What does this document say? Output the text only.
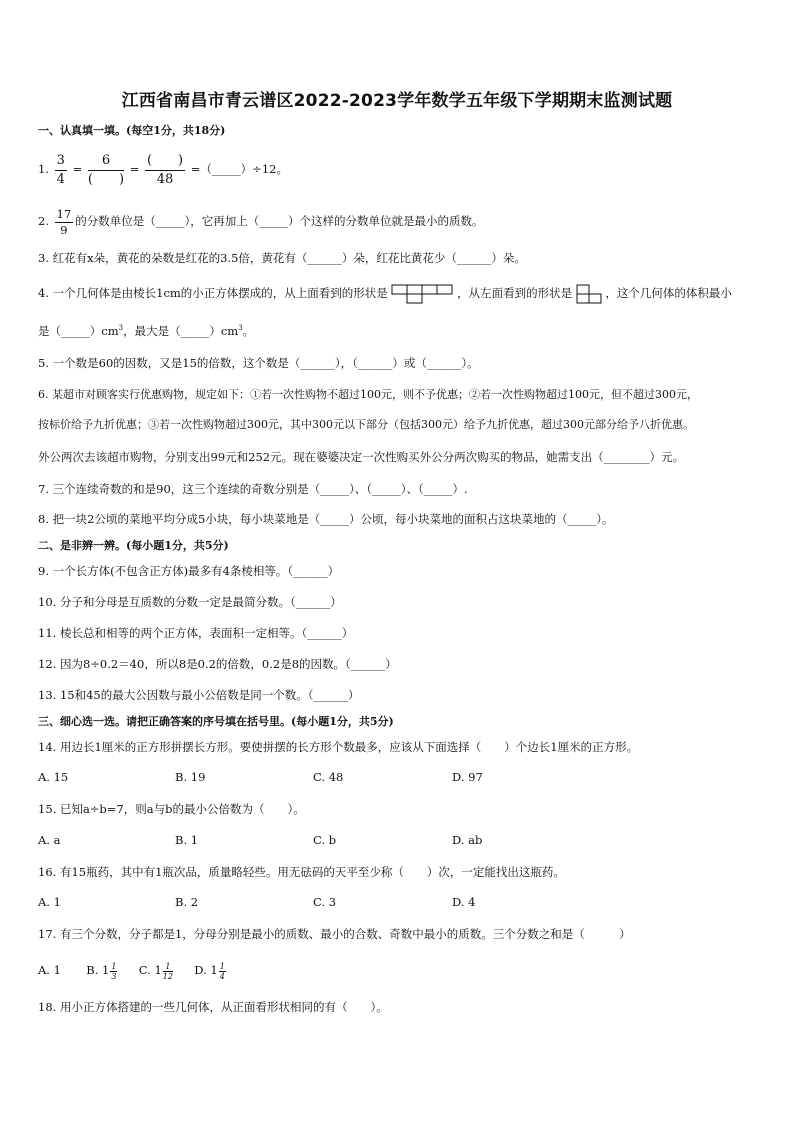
江西省南昌市青云谱区2022-2023学年数学五年级下学期期末监测试题
一、认真填一填。(每空1分，共18分)
1. $\frac{3}{4} = \frac{6}{( )} = \frac{( )}{48}$ =（_____）÷12。
2. $\frac{17}{9}$ 的分数单位是（_____），它再加上（_____）个这样的分数单位就是最小的质数。
3. 红花有x朵，黄花的朵数是红花的3.5倍，黄花有（______）朵，红花比黄花少（______）朵。
4. 一个几何体是由棱长1cm的小正方体摆成的，从上面看到的形状是	，从左面看到的形状是	，这个几何体的体积最小
是$(\_\_\_\_\_)cm^3$，最大是$(\_\_\_\_\_)cm^3$。
5. 一个数是60的因数，又是15的倍数，这个数是（______），（______）或（______）。
6. 某超市对顾客实行优惠购物，规定如下：①若一次性购物不超过100元，则不予优惠；②若一次性购物超过100元，但不超过300元，
按标价给予九折优惠；③若一次性购物超过300元，其中300元以下部分（包括300元）给予九折优惠，超过300元部分给予八折优惠。
外公两次去该超市购物，分别支出99元和252元。现在婆婆决定一次性购买外公分两次购买的物品，她需支出（________）元。
7. 三个连续奇数的和是90，这三个连续的奇数分别是（_____）、（_____）、（_____）.
8. 把一块2公顷的菜地平均分成5小块，每小块菜地是（_____）公顷，每小块菜地的面积占这块菜地的（_____）。
二、是非辨一辨。(每小题1分，共5分)
9. 一个长方体(不包含正方体)最多有4条棱相等。（______）
10. 分子和分母是互质数的分数一定是最简分数。（______）
11. 棱长总和相等的两个正方体，表面积一定相等。（______）
12. 因为8÷0.2＝40，所以8是0.2的倍数，0.2是8的因数。（______）
13. 15和45的最大公因数与最小公倍数是同一个数。（______）
三、细心选一选。请把正确答案的序号填在括号里。(每小题1分，共5分)
14. 用边长1厘米的正方形拼摆长方形。要使拼摆的长方形个数最多，应该从下面选择（　　）个边长1厘米的正方形。
A. 15	B. 19	C. 48	D. 97
15. 已知a÷b=7，则a与b的最小公倍数为（　　）。
A. a	B. 1	C. b	D. ab
16. 有15瓶药，其中有1瓶次品，质量略轻些。用无砝码的天平至少称（　　）次，一定能找出这瓶药。
A. 1	B. 2	C. 3	D. 4
17. 有三个分数，分子都是1，分母分别是最小的质数、最小的合数、奇数中最小的质数。三个分数之和是（　　　）
A. 1 B. $1 \frac{1}{3} C$. $1 \frac{1}{12} D$. $1 \frac{1}{4}$
18. 用小正方体搭建的一些几何体，从正面看形状相同的有（　　）。
